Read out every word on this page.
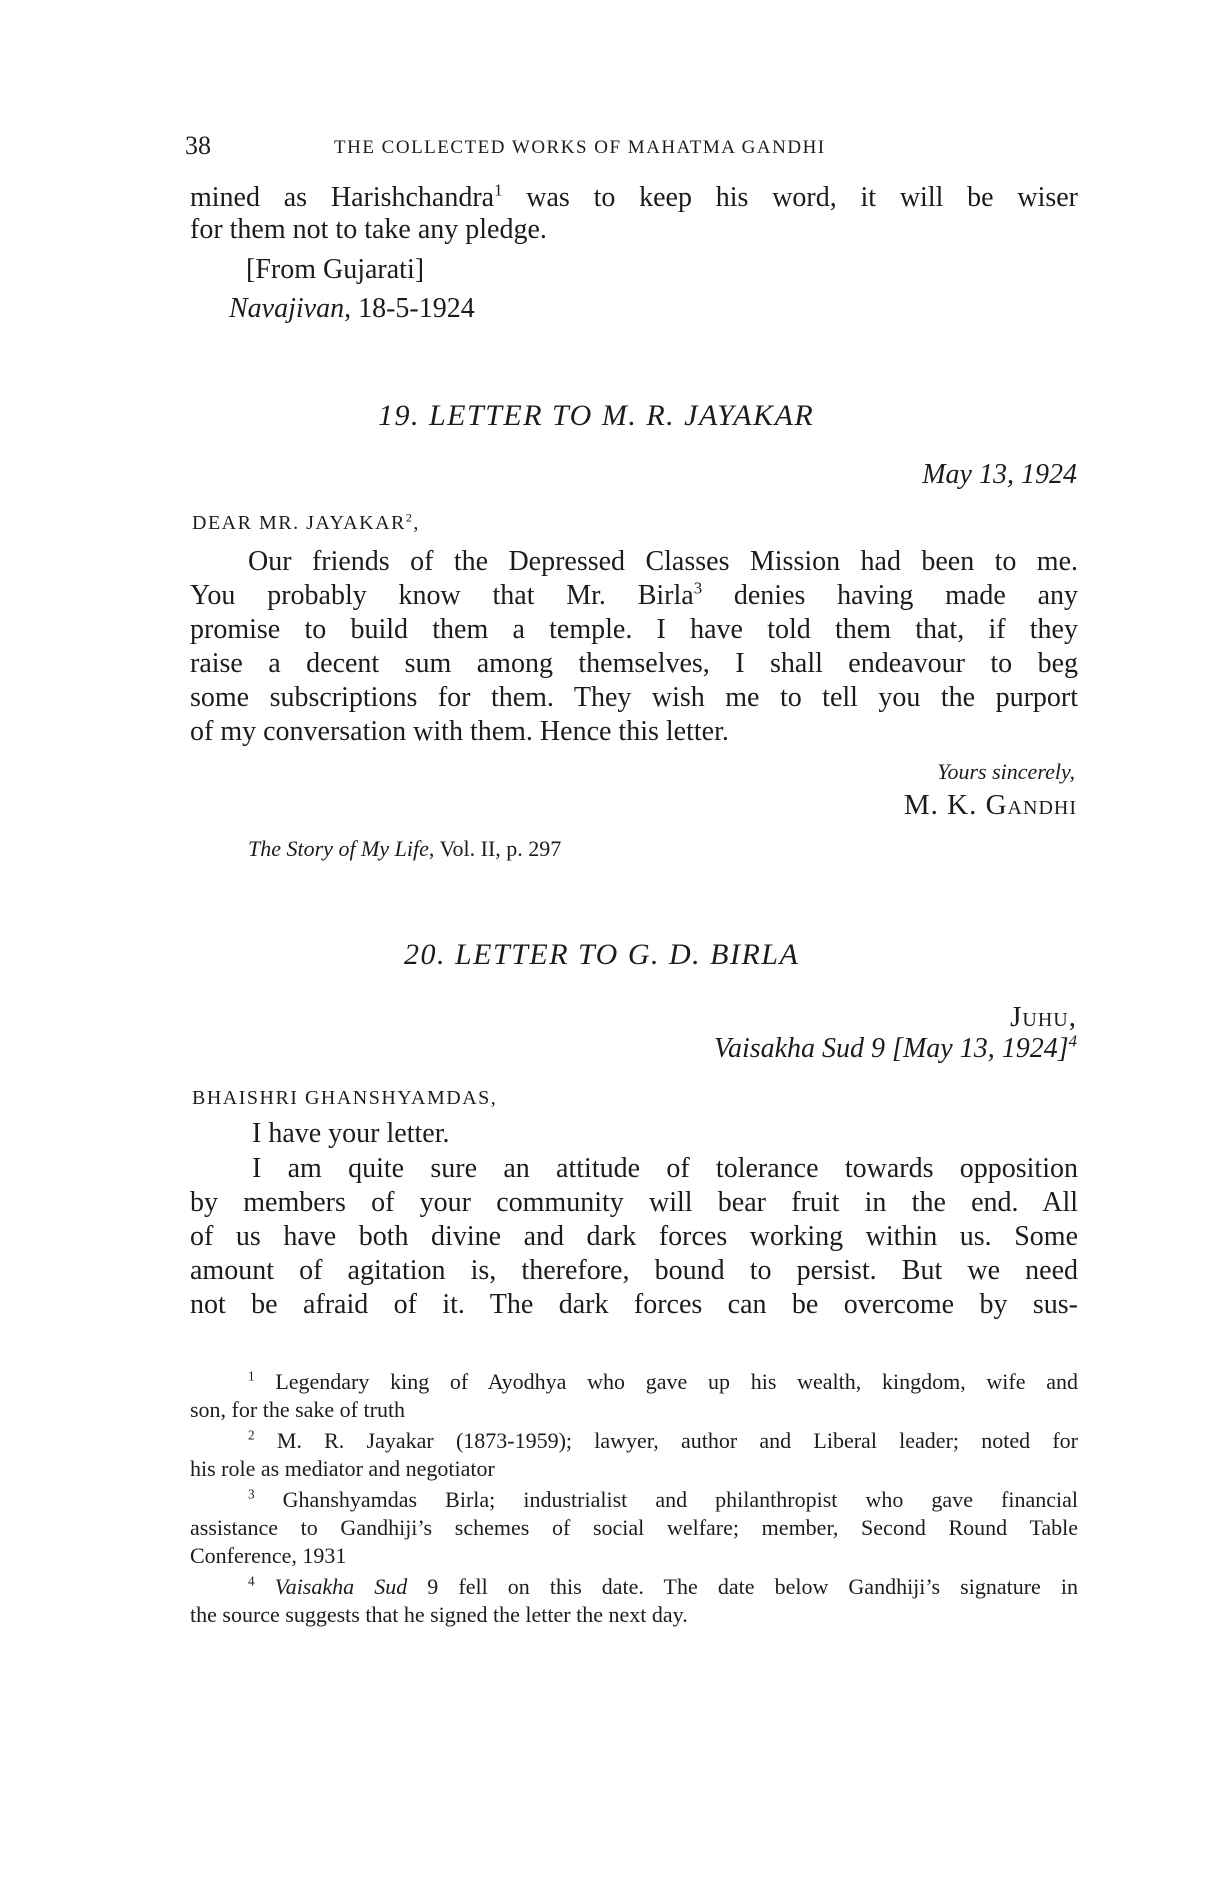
38	THE COLLECTED WORKS OF MAHATMA GANDHI
mined as Harishchandra$^1$ was to keep his word, it will be wiser
for them not to take any pledge.
[From Gujarati]
Navajivan, 18-5-1924
19. LETTER TO M. R. JAYAKAR
May 13, 1924
DEAR MR. JAYAKAR$^2$,
Our friends of the Depressed Classes Mission had been to me.
You probably know that Mr. Birla$^3$ denies having made any
promise to build them a temple. I have told them that, if they
raise a decent sum among themselves, I shall endeavour to beg
some subscriptions for them. They wish me to tell you the purport
of my conversation with them. Hence this letter.
Yours sincerely,
M. K. Gandhi
The Story of My Life, Vol. II, p. 297
20. LETTER TO G. D. BIRLA
Juhu,
Vaisakha Sud 9 [May 13, 1924]$^4$
BHAISHRI GHANSHYAMDAS,
I have your letter.
I am quite sure an attitude of tolerance towards opposition
by members of your community will bear fruit in the end. All
of us have both divine and dark forces working within us. Some
amount of agitation is, therefore, bound to persist. But we need
not be afraid of it. The dark forces can be overcome by sus-
$^1$ Legendary king of Ayodhya who gave up his wealth, kingdom, wife and
son, for the sake of truth
$^2$ M. R. Jayakar (1873-1959); lawyer, author and Liberal leader; noted for
his role as mediator and negotiator
$^3$ Ghanshyamdas Birla; industrialist and philanthropist who gave financial
assistance to Gandhiji’s schemes of social welfare; member, Second Round Table
Conference, 1931
$^4$ Vaisakha Sud 9 fell on this date. The date below Gandhiji’s signature in
the source suggests that he signed the letter the next day.
